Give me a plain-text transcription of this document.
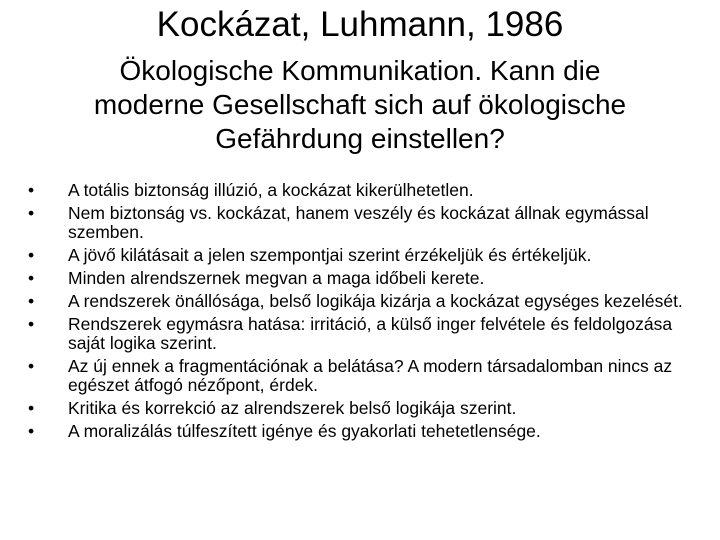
Kockázat, Luhmann, 1986
Ökologische Kommunikation. Kann die
moderne Gesellschaft sich auf ökologische
Gefährdung einstellen?
•	A totális biztonság illúzió, a kockázat kikerülhetetlen.
•	Nem biztonság vs. kockázat, hanem veszély és kockázat állnak egymással szemben.
•	A jövő kilátásait a jelen szempontjai szerint érzékeljük és értékeljük.
•	Minden alrendszernek megvan a maga időbeli kerete.
•	A rendszerek önállósága, belső logikája kizárja a kockázat egységes kezelését.
•	Rendszerek egymásra hatása: irritáció, a külső inger felvétele és feldolgozása saját logika szerint.
•	Az új ennek a fragmentációnak a belátása? A modern társadalomban nincs az egészet átfogó nézőpont, érdek.
•	Kritika és korrekció az alrendszerek belső logikája szerint.
•	A moralizálás túlfeszített igénye és gyakorlati tehetetlensége.
